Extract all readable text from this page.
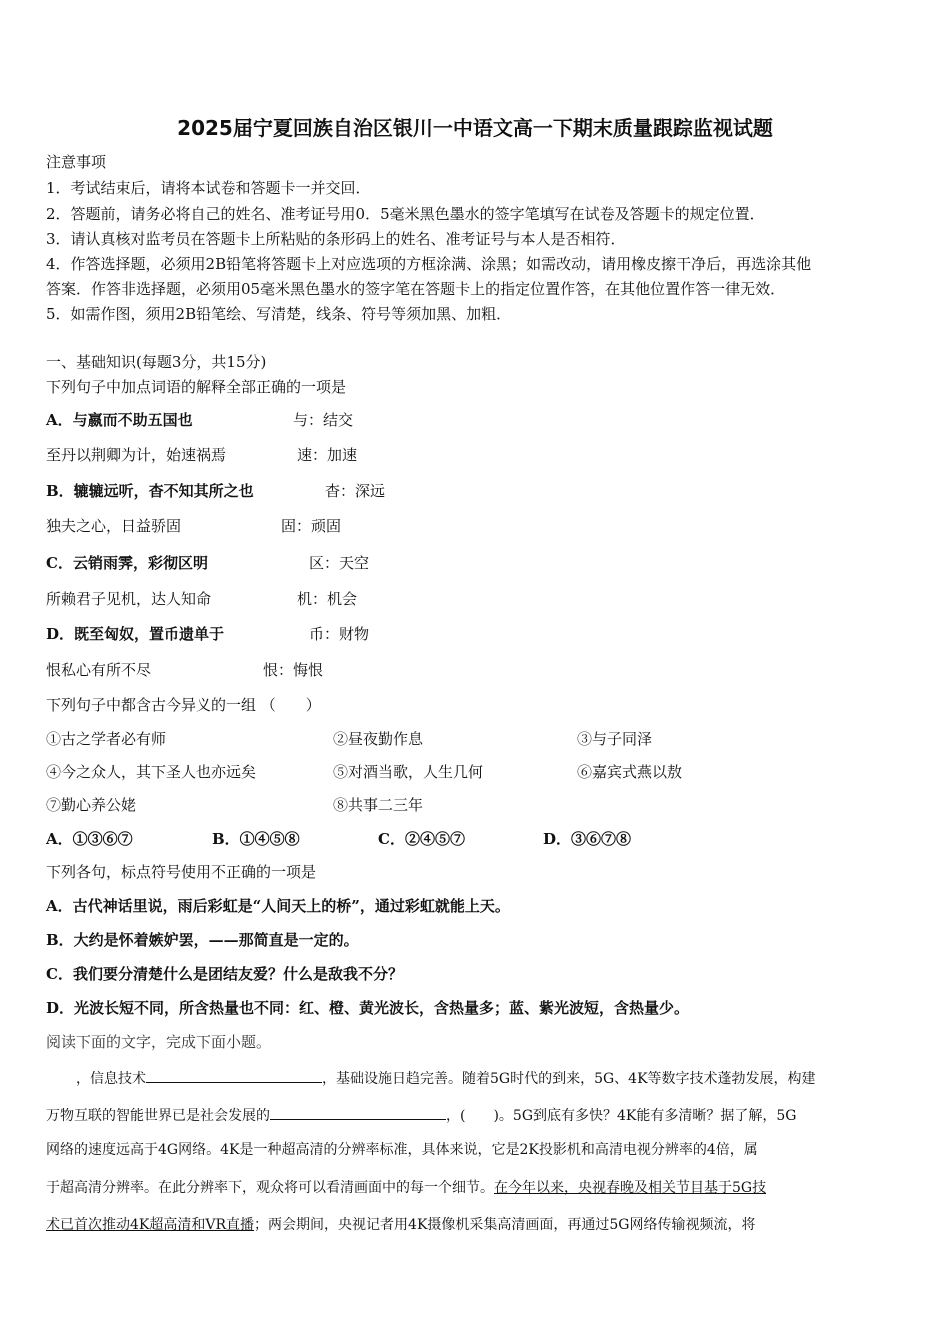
2025届宁夏回族自治区银川一中语文高一下期末质量跟踪监视试题
注意事项
1．考试结束后，请将本试卷和答题卡一并交回．
2．答题前，请务必将自己的姓名、准考证号用0．5毫米黑色墨水的签字笔填写在试卷及答题卡的规定位置．
3．请认真核对监考员在答题卡上所粘贴的条形码上的姓名、准考证号与本人是否相符．
4．作答选择题，必须用2B铅笔将答题卡上对应选项的方框涂满、涂黑；如需改动，请用橡皮擦干净后，再选涂其他
答案．作答非选择题，必须用05毫米黑色墨水的签字笔在答题卡上的指定位置作答，在其他位置作答一律无效．
5．如需作图，须用2B铅笔绘、写清楚，线条、符号等须加黑、加粗．
一、基础知识(每题3分，共15分)
下列句子中加点词语的解释全部正确的一项是
A．与嬴而不助五国也	与：结交
至丹以荆卿为计，始速祸焉	速：加速
B．辘辘远听，杳不知其所之也	杳：深远
独夫之心，日益骄固	固：顽固
C．云销雨霁，彩彻区明	区：天空
所赖君子见机，达人知命	机：机会
D．既至匈奴，置币遗单于	币：财物
恨私心有所不尽	恨：悔恨
下列句子中都含古今异义的一组 （　　）
①古之学者必有师	②昼夜勤作息	③与子同泽
④今之众人，其下圣人也亦远矣	⑤对酒当歌，人生几何	⑥嘉宾式燕以敖
⑦勤心养公姥	⑧共事二三年
A．①③⑥⑦	B．①④⑤⑧	C．②④⑤⑦	D．③⑥⑦⑧
下列各句，标点符号使用不正确的一项是
A．古代神话里说，雨后彩虹是“人间天上的桥”，通过彩虹就能上天。
B．大约是怀着嫉妒罢，——那简直是一定的。
C．我们要分清楚什么是团结友爱？什么是敌我不分？
D．光波长短不同，所含热量也不同：红、橙、黄光波长，含热量多；蓝、紫光波短，含热量少。
阅读下面的文字，完成下面小题。
，信息技术	，基础设施日趋完善。随着5G时代的到来，5G、4K等数字技术蓬勃发展，构建
万物互联的智能世界已是社会发展的	，(　　)。5G到底有多快？4K能有多清晰？据了解，5G
网络的速度远高于4G网络。4K是一种超高清的分辨率标准，具体来说，它是2K投影机和高清电视分辨率的4倍，属
于超高清分辨率。在此分辨率下，观众将可以看清画面中的每一个细节。在今年以来，央视春晚及相关节目基于5G技
术已首次推动4K超高清和VR直播；两会期间，央视记者用4K摄像机采集高清画面，再通过5G网络传输视频流，将
